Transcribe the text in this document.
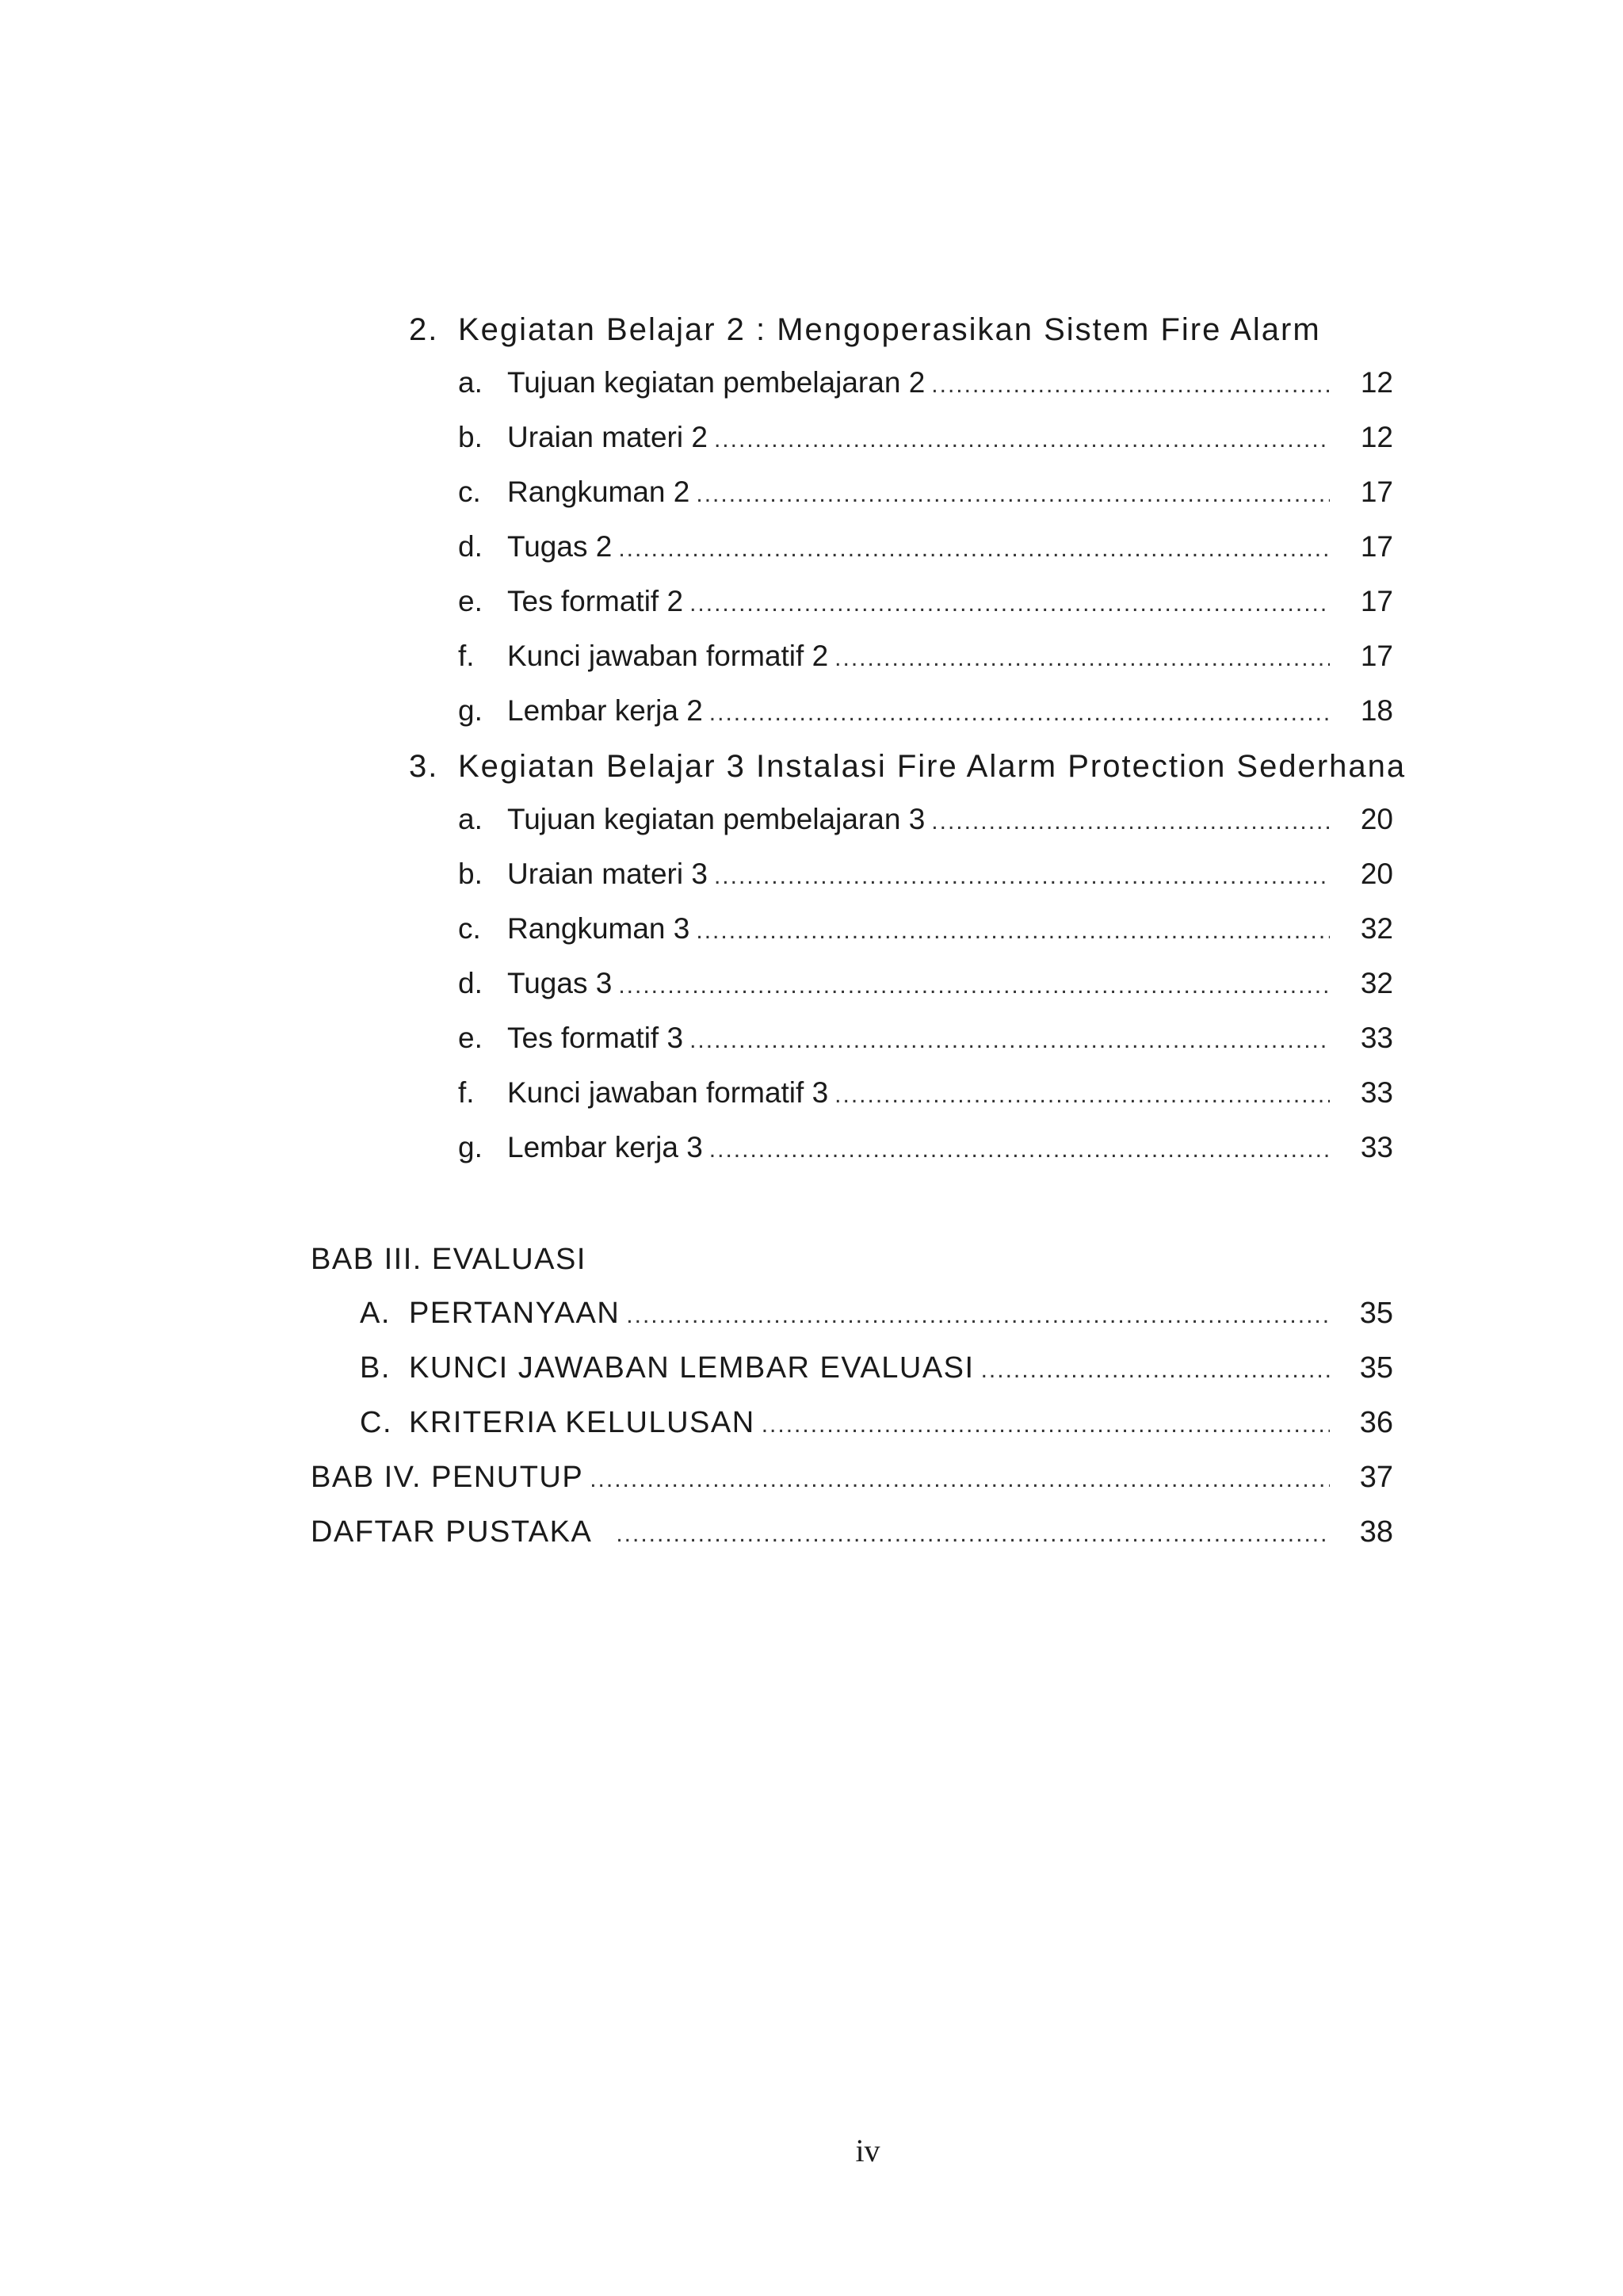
2. Kegiatan Belajar 2 : Mengoperasikan Sistem Fire Alarm
a. Tujuan kegiatan pembelajaran 2 .....	12
b. Uraian materi 2 .....	12
c. Rangkuman 2 .....	17
d. Tugas 2 .....	17
e. Tes formatif 2 .....	17
f.	Kunci jawaban formatif 2 .....	17
g. Lembar kerja 2 .....	18
3. Kegiatan Belajar 3 Instalasi Fire Alarm Protection Sederhana
a. Tujuan kegiatan pembelajaran 3 .....	20
b. Uraian materi 3 .....	20
c. Rangkuman 3 .....	32
d. Tugas 3 .....	32
e. Tes formatif 3 .....	33
f.	Kunci jawaban formatif 3 .....	33
g. Lembar kerja 3 .....	33
BAB III. EVALUASI
A. PERTANYAAN .....	35
B. KUNCI JAWABAN LEMBAR EVALUASI .....	35
C. KRITERIA KELULUSAN .....	36
BAB IV. PENUTUP .....	37
DAFTAR PUSTAKA .....	38
iv
